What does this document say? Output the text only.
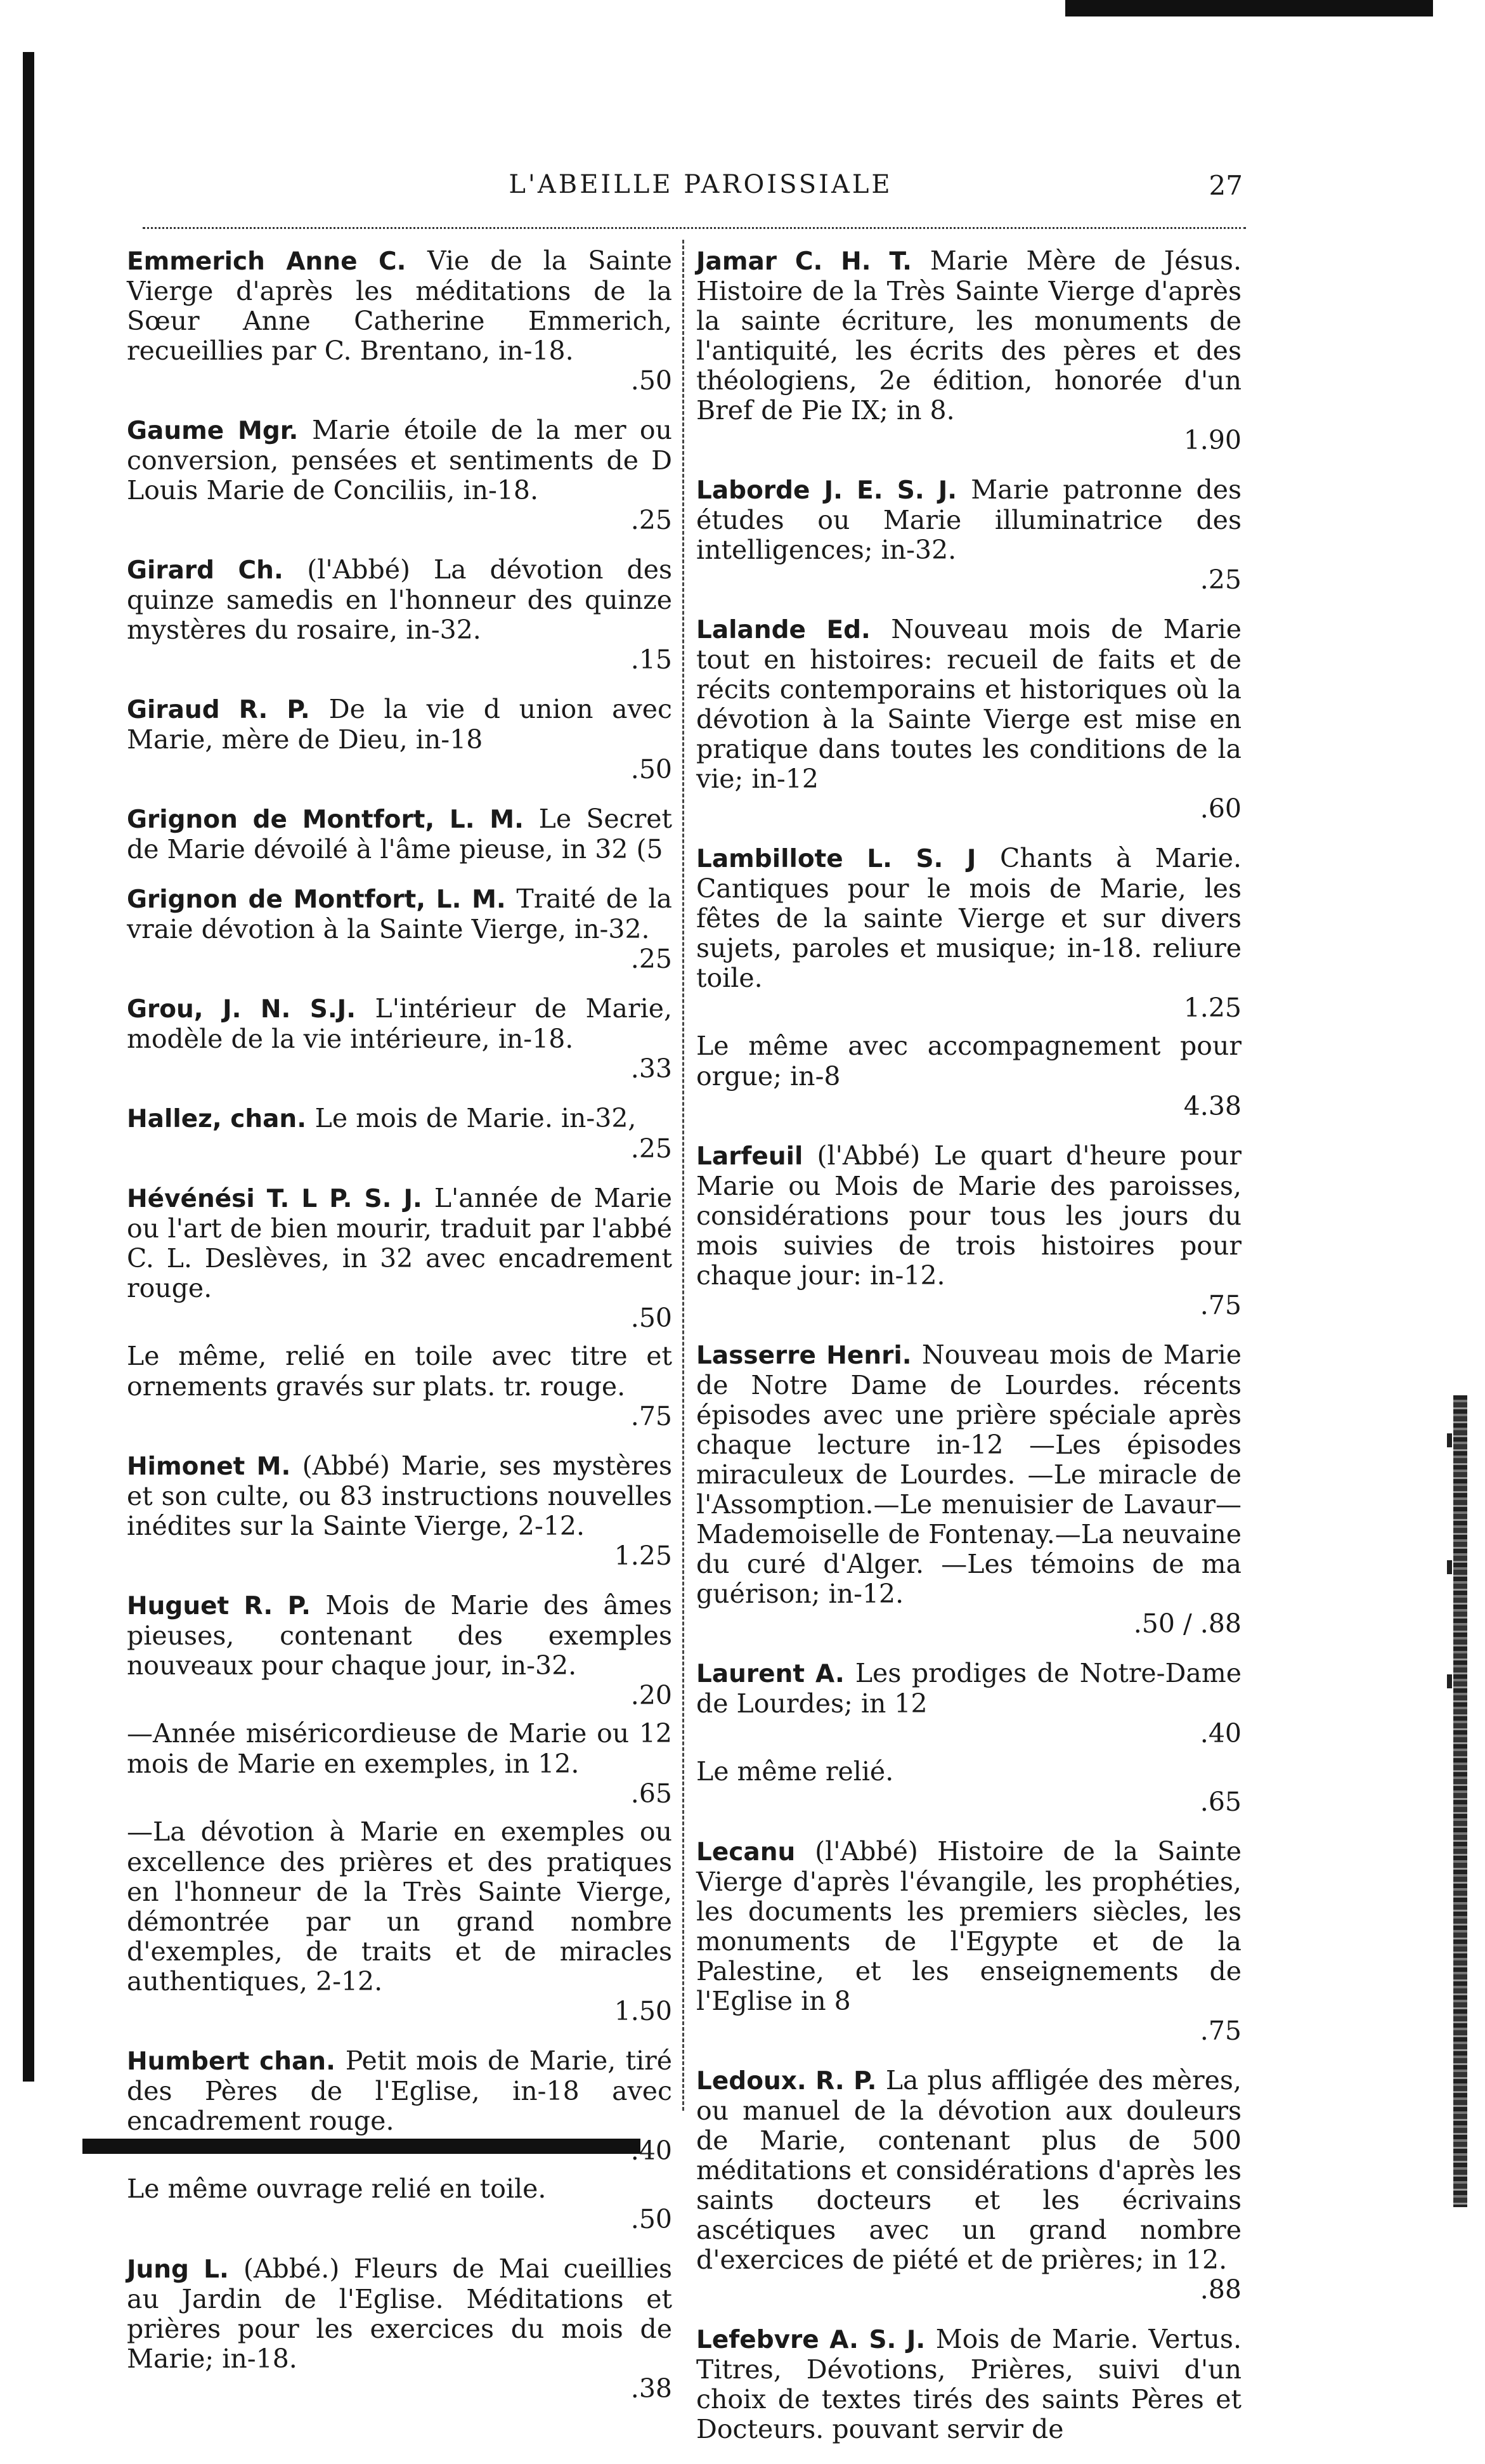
L'ABEILLE PAROISSIALE	27

Emmerich Anne C. Vie de la Sainte Vierge d'après les méditations de la Sœur Anne Catherine Emmerich, recueillies par C. Brentano, in-18.
.50

Gaume Mgr. Marie étoile de la mer ou conversion, pensées et sentiments de D Louis Marie de Conciliis, in-18.
.25

Girard Ch. (l'Abbé) La dévotion des quinze samedis en l'honneur des quinze mystères du rosaire, in-32.
.15

Giraud R. P. De la vie d union avec Marie, mère de Dieu, in-18
.50

Grignon de Montfort, L. M. Le Secret de Marie dévoilé à l'âme pieuse, in 32 (5

Grignon de Montfort, L. M. Traité de la vraie dévotion à la Sainte Vierge, in-32.
.25

Grou, J. N. S.J. L'intérieur de Marie, modèle de la vie intérieure, in-18.
.33

Hallez, chan. Le mois de Marie. in-32,
.25

Hévénési T. L P. S. J. L'année de Marie ou l'art de bien mourir, traduit par l'abbé C. L. Deslèves, in 32 avec encadrement rouge.
.50

Le même, relié en toile avec titre et ornements gravés sur plats. tr. rouge.
.75

Himonet M. (Abbé) Marie, ses mystères et son culte, ou 83 instructions nouvelles inédites sur la Sainte Vierge, 2-12.
1.25

Huguet R. P. Mois de Marie des âmes pieuses, contenant des exemples nouveaux pour chaque jour, in-32.
.20

—Année miséricordieuse de Marie ou 12 mois de Marie en exemples, in 12.
.65

—La dévotion à Marie en exemples ou excellence des prières et des pratiques en l'honneur de la Très Sainte Vierge, démontrée par un grand nombre d'exemples, de traits et de miracles authentiques, 2-12.
1.50

Humbert chan. Petit mois de Marie, tiré des Pères de l'Eglise, in-18 avec encadrement rouge.
.40

Le même ouvrage relié en toile.
.50

Jung L. (Abbé.) Fleurs de Mai cueillies au Jardin de l'Eglise. Méditations et prières pour les exercices du mois de Marie; in-18.
.38

Jamar C. H. T. Marie Mère de Jésus. Histoire de la Très Sainte Vierge d'après la sainte écriture, les monuments de l'antiquité, les écrits des pères et des théologiens, 2e édition, honorée d'un Bref de Pie IX; in 8.
1.90

Laborde J. E. S. J. Marie patronne des études ou Marie illuminatrice des intelligences; in-32.
.25

Lalande Ed. Nouveau mois de Marie tout en histoires: recueil de faits et de récits contemporains et historiques où la dévotion à la Sainte Vierge est mise en pratique dans toutes les conditions de la vie; in-12
.60

Lambillote L. S. J Chants à Marie. Cantiques pour le mois de Marie, les fêtes de la sainte Vierge et sur divers sujets, paroles et musique; in-18. reliure toile.
1.25

Le même avec accompagnement pour orgue; in-8
4.38

Larfeuil (l'Abbé) Le quart d'heure pour Marie ou Mois de Marie des paroisses, considérations pour tous les jours du mois suivies de trois histoires pour chaque jour: in-12.
.75

Lasserre Henri. Nouveau mois de Marie de Notre Dame de Lourdes. récents épisodes avec une prière spéciale après chaque lecture in-12 —Les épisodes miraculeux de Lourdes. —Le miracle de l'Assomption.—Le menuisier de Lavaur—Mademoiselle de Fontenay.—La neuvaine du curé d'Alger. —Les témoins de ma guérison; in-12.
.50 / .88

Laurent A. Les prodiges de Notre-Dame de Lourdes; in 12
.40

Le même relié.
.65

Lecanu (l'Abbé) Histoire de la Sainte Vierge d'après l'évangile, les prophéties, les documents les premiers siècles, les monuments de l'Egypte et de la Palestine, et les enseignements de l'Eglise in 8
.75

Ledoux. R. P. La plus affligée des mères, ou manuel de la dévotion aux douleurs de Marie, contenant plus de 500 méditations et considérations d'après les saints docteurs et les écrivains ascétiques avec un grand nombre d'exercices de piété et de prières; in 12.
.88

Lefebvre A. S. J. Mois de Marie. Vertus. Titres, Dévotions, Prières, suivi d'un choix de textes tirés des saints Pères et Docteurs. pouvant servir de
